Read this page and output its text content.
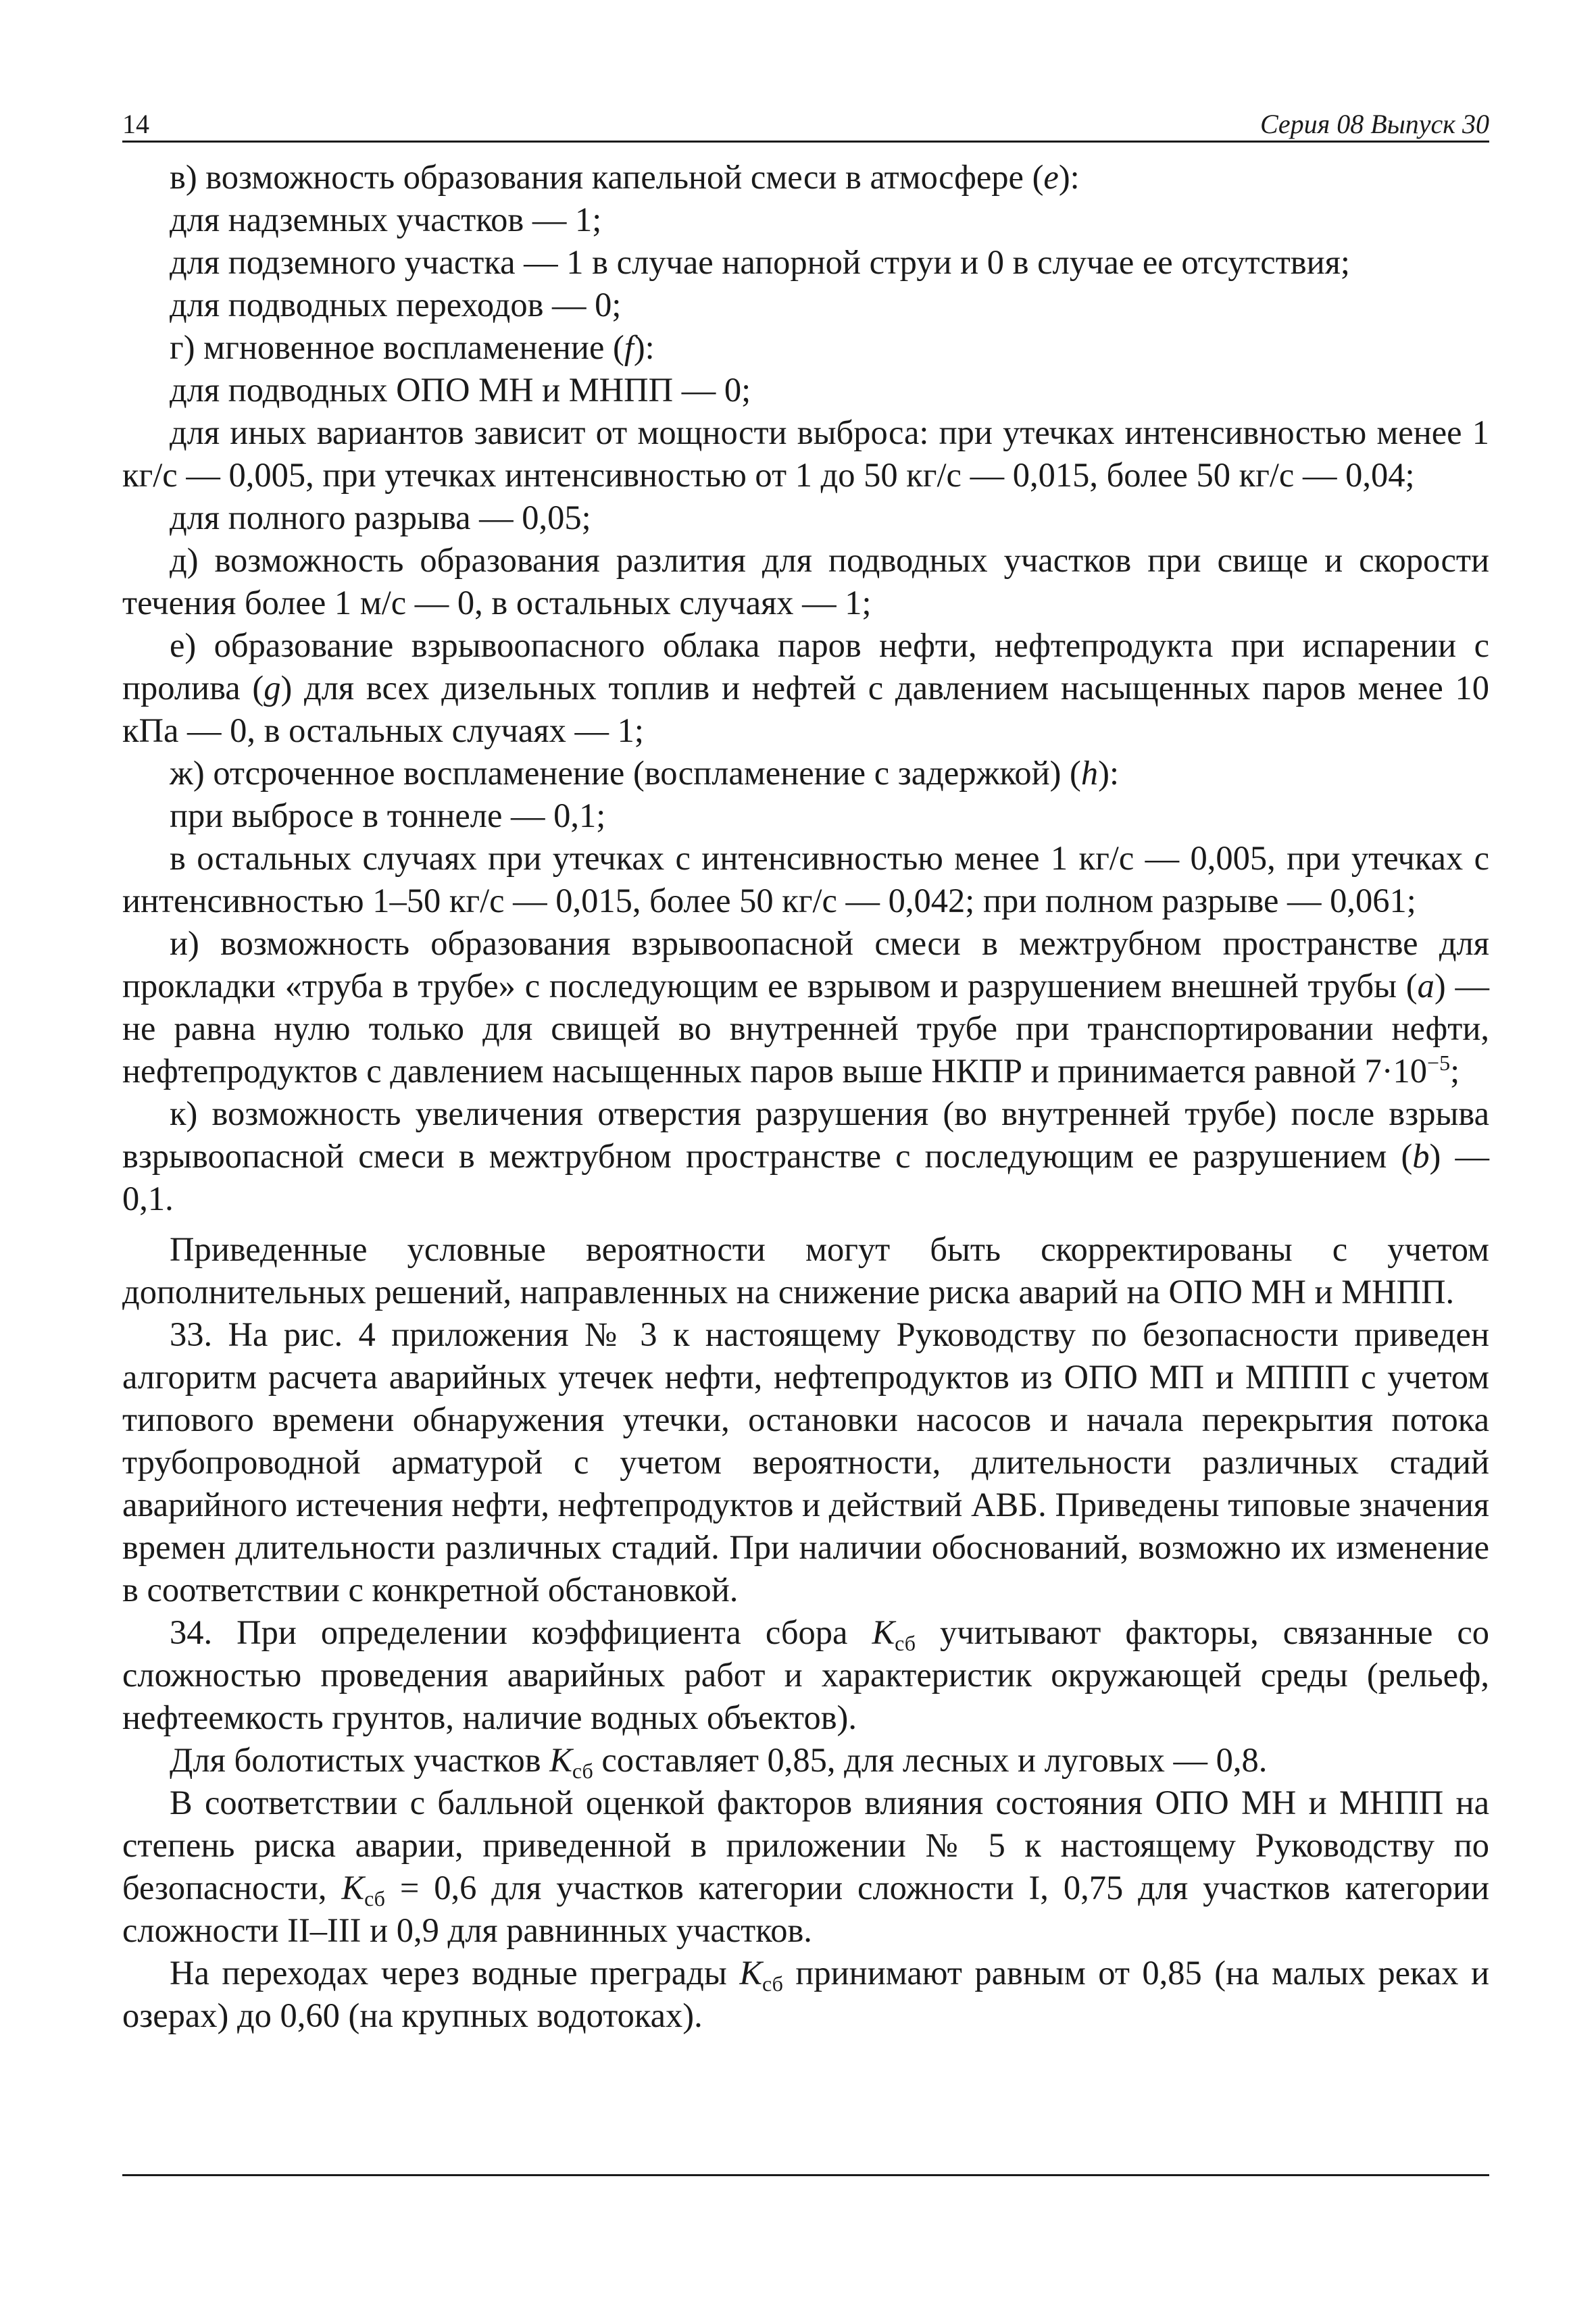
14	Серия 08 Выпуск 30

в) возможность образования капельной смеси в атмосфере (e):

для надземных участков — 1;

для подземного участка — 1 в случае напорной струи и 0 в случае ее отсутствия;

для подводных переходов — 0;

г) мгновенное воспламенение (f):

для подводных ОПО МН и МНПП — 0;

для иных вариантов зависит от мощности выброса: при утечках интенсивностью менее 1 кг/с — 0,005, при утечках интенсивностью от 1 до 50 кг/с — 0,015, более 50 кг/с — 0,04;

для полного разрыва — 0,05;

д) возможность образования разлития для подводных участков при свище и скорости течения более 1 м/с — 0, в остальных случаях — 1;

е) образование взрывоопасного облака паров нефти, нефтепродукта при испарении с пролива (g) для всех дизельных топлив и нефтей с давлением насыщенных паров менее 10 кПа — 0, в остальных случаях — 1;

ж) отсроченное воспламенение (воспламенение с задержкой) (h):

при выбросе в тоннеле — 0,1;

в остальных случаях при утечках с интенсивностью менее 1 кг/с — 0,005, при утечках с интенсивностью 1–50 кг/с — 0,015, более 50 кг/с — 0,042; при полном разрыве — 0,061;

и) возможность образования взрывоопасной смеси в межтрубном пространстве для прокладки «труба в трубе» с последующим ее взрывом и разрушением внешней трубы (a) — не равна нулю только для свищей во внутренней трубе при транспортировании нефти, нефтепродуктов с давлением насыщенных паров выше НКПР и принимается равной $7\cdot 10^{-5}$;

к) возможность увеличения отверстия разрушения (во внутренней трубе) после взрыва взрывоопасной смеси в межтрубном пространстве с последующим ее разрушением (b) — 0,1.

Приведенные условные вероятности могут быть скорректированы с учетом дополнительных решений, направленных на снижение риска аварий на ОПО МН и МНПП.

33. На рис. 4 приложения № 3 к настоящему Руководству по безопасности приведен алгоритм расчета аварийных утечек нефти, нефтепродуктов из ОПО МП и МППП с учетом типового времени обнаружения утечки, остановки насосов и начала перекрытия потока трубопроводной арматурой с учетом вероятности, длительности различных стадий аварийного истечения нефти, нефтепродуктов и действий АВБ. Приведены типовые значения времен длительности различных стадий. При наличии обоснований, возможно их изменение в соответствии с конкретной обстановкой.

34. При определении коэффициента сбора $K_{сб}$ учитывают факторы, связанные со сложностью проведения аварийных работ и характеристик окружающей среды (рельеф, нефтеемкость грунтов, наличие водных объектов).

Для болотистых участков $K_{сб}$ составляет 0,85, для лесных и луговых — 0,8.

В соответствии с балльной оценкой факторов влияния состояния ОПО МН и МНПП на степень риска аварии, приведенной в приложении № 5 к настоящему Руководству по безопасности, $K_{сб} = 0,6$ для участков категории сложности I, 0,75 для участков категории сложности II–III и 0,9 для равнинных участков.

На переходах через водные преграды $K_{сб}$ принимают равным от 0,85 (на малых реках и озерах) до 0,60 (на крупных водотоках).
